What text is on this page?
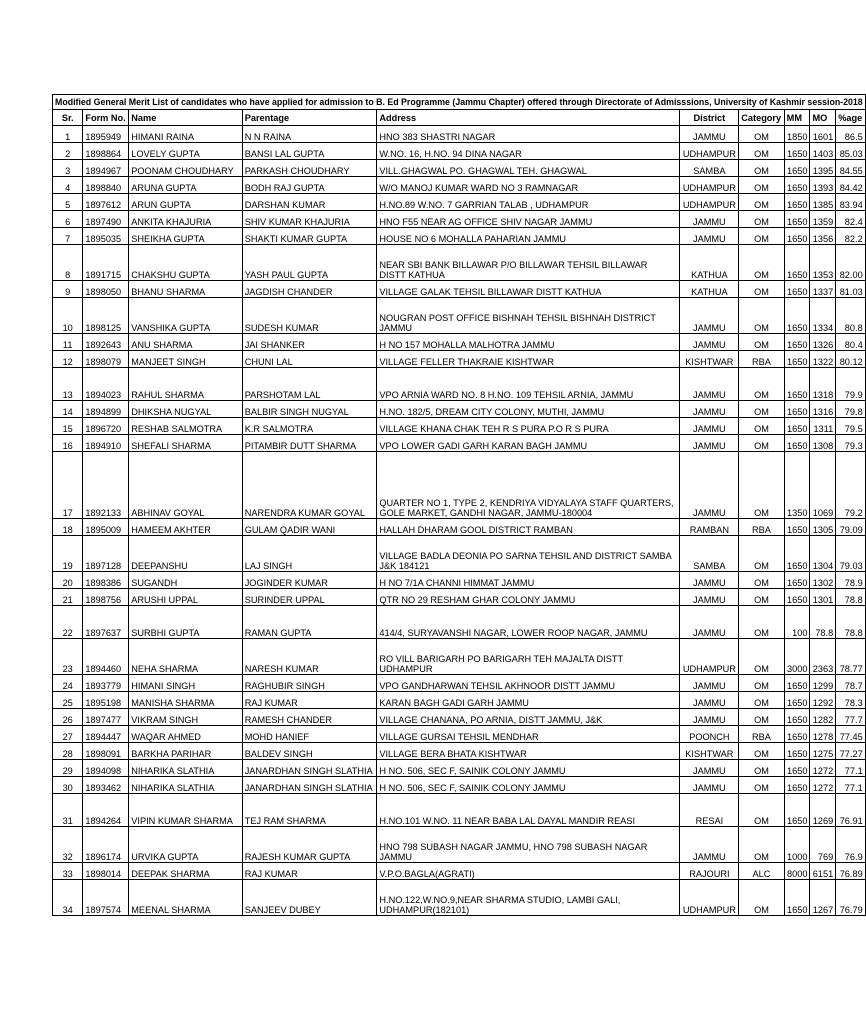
Modified General Merit List of candidates who have applied for admission to B. Ed Programme (Jammu Chapter) offered through Directorate of Admisssions, University of Kashmir session-2018									
Sr.	Form No.	Name	Parentage	Address	District	Category	MM	MO	%age
1	1895949	HIMANI RAINA	N N RAINA	HNO 383 SHASTRI NAGAR	JAMMU	OM	1850	1601	86.5
2	1898864	LOVELY GUPTA	BANSI LAL GUPTA	W.NO. 16, H.NO. 94 DINA NAGAR	UDHAMPUR	OM	1650	1403	85.03
3	1894967	POONAM CHOUDHARY	PARKASH CHOUDHARY	VILL.GHAGWAL PO. GHAGWAL TEH. GHAGWAL	SAMBA	OM	1650	1395	84.55
4	1898840	ARUNA GUPTA	BODH RAJ GUPTA	W/O MANOJ KUMAR WARD NO 3 RAMNAGAR	UDHAMPUR	OM	1650	1393	84.42
5	1897612	ARUN GUPTA	DARSHAN KUMAR	H.NO.89 W.NO. 7 GARRIAN TALAB , UDHAMPUR	UDHAMPUR	OM	1650	1385	83.94
6	1897490	ANKITA KHAJURIA	SHIV KUMAR KHAJURIA	HNO F55 NEAR AG OFFICE SHIV NAGAR JAMMU	JAMMU	OM	1650	1359	82.4
7	1895035	SHEIKHA GUPTA	SHAKTI KUMAR GUPTA	HOUSE NO 6 MOHALLA PAHARIAN JAMMU	JAMMU	OM	1650	1356	82.2
8	1891715	CHAKSHU GUPTA	YASH PAUL GUPTA	NEAR SBI BANK BILLAWAR P/O BILLAWAR TEHSIL BILLAWAR
DISTT KATHUA	KATHUA	OM	1650	1353	82.00
9	1898050	BHANU SHARMA	JAGDISH CHANDER	VILLAGE GALAK TEHSIL BILLAWAR DISTT KATHUA	KATHUA	OM	1650	1337	81.03
10	1898125	VANSHIKA GUPTA	SUDESH KUMAR	NOUGRAN POST OFFICE BISHNAH TEHSIL BISHNAH DISTRICT
JAMMU	JAMMU	OM	1650	1334	80.8
11	1892643	ANU SHARMA	JAI SHANKER	H NO 157 MOHALLA MALHOTRA JAMMU	JAMMU	OM	1650	1326	80.4
12	1898079	MANJEET SINGH	CHUNI LAL	VILLAGE FELLER THAKRAIE KISHTWAR	KISHTWAR	RBA	1650	1322	80.12
13	1894023	RAHUL SHARMA	PARSHOTAM LAL	VPO ARNIA WARD NO. 8 H.NO. 109 TEHSIL ARNIA, JAMMU	JAMMU	OM	1650	1318	79.9
14	1894899	DHIKSHA NUGYAL	BALBIR SINGH NUGYAL	H.NO. 182/5, DREAM CITY COLONY, MUTHI, JAMMU	JAMMU	OM	1650	1316	79.8
15	1896720	RESHAB SALMOTRA	K.R SALMOTRA	VILLAGE KHANA CHAK TEH R S PURA P.O R S PURA	JAMMU	OM	1650	1311	79.5
16	1894910	SHEFALI SHARMA	PITAMBIR DUTT SHARMA	VPO LOWER GADI GARH KARAN BAGH JAMMU	JAMMU	OM	1650	1308	79.3
17	1892133	ABHINAV GOYAL	NARENDRA KUMAR GOYAL	QUARTER NO 1, TYPE 2, KENDRIYA VIDYALAYA STAFF QUARTERS,
GOLE MARKET, GANDHI NAGAR, JAMMU-180004	JAMMU	OM	1350	1069	79.2
18	1895009	HAMEEM AKHTER	GULAM QADIR WANI	HALLAH DHARAM GOOL DISTRICT RAMBAN	RAMBAN	RBA	1650	1305	79.09
19	1897128	DEEPANSHU	LAJ SINGH	VILLAGE BADLA DEONIA PO SARNA TEHSIL AND DISTRICT SAMBA
J&K 184121	SAMBA	OM	1650	1304	79.03
20	1898386	SUGANDH	JOGINDER KUMAR	H NO 7/1A CHANNI HIMMAT JAMMU	JAMMU	OM	1650	1302	78.9
21	1898756	ARUSHI UPPAL	SURINDER UPPAL	QTR NO 29 RESHAM GHAR COLONY JAMMU	JAMMU	OM	1650	1301	78.8
22	1897637	SURBHI GUPTA	RAMAN GUPTA	414/4, SURYAVANSHI NAGAR, LOWER ROOP NAGAR, JAMMU	JAMMU	OM	100	78.8	78.8
23	1894460	NEHA SHARMA	NARESH KUMAR	RO VILL BARIGARH PO BARIGARH TEH MAJALTA DISTT
UDHAMPUR	UDHAMPUR	OM	3000	2363	78.77
24	1893779	HIMANI SINGH	RAGHUBIR SINGH	VPO GANDHARWAN TEHSIL AKHNOOR DISTT JAMMU	JAMMU	OM	1650	1299	78.7
25	1895198	MANISHA SHARMA	RAJ KUMAR	KARAN BAGH GADI GARH JAMMU	JAMMU	OM	1650	1292	78.3
26	1897477	VIKRAM SINGH	RAMESH CHANDER	VILLAGE CHANANA, PO ARNIA, DISTT JAMMU, J&K	JAMMU	OM	1650	1282	77.7
27	1894447	WAQAR AHMED	MOHD HANIEF	VILLAGE GURSAI TEHSIL MENDHAR	POONCH	RBA	1650	1278	77.45
28	1898091	BARKHA PARIHAR	BALDEV SINGH	VILLAGE BERA BHATA KISHTWAR	KISHTWAR	OM	1650	1275	77.27
29	1894098	NIHARIKA SLATHIA	JANARDHAN SINGH SLATHIA	H NO. 506, SEC F, SAINIK COLONY JAMMU	JAMMU	OM	1650	1272	77.1
30	1893462	NIHARIKA SLATHIA	JANARDHAN SINGH SLATHIA	H NO. 506, SEC F, SAINIK COLONY JAMMU	JAMMU	OM	1650	1272	77.1
31	1894264	VIPIN KUMAR SHARMA	TEJ RAM SHARMA	H.NO.101 W.NO. 11 NEAR BABA LAL DAYAL MANDIR REASI	RESAI	OM	1650	1269	76.91
32	1896174	URVIKA GUPTA	RAJESH KUMAR GUPTA	HNO 798 SUBASH NAGAR JAMMU, HNO 798 SUBASH NAGAR
JAMMU	JAMMU	OM	1000	769	76.9
33	1898014	DEEPAK SHARMA	RAJ KUMAR	V.P.O.BAGLA(AGRATI)	RAJOURI	ALC	8000	6151	76.89
34	1897574	MEENAL SHARMA	SANJEEV DUBEY	H.NO.122,W.NO.9,NEAR SHARMA STUDIO, LAMBI GALI,
UDHAMPUR(182101)	UDHAMPUR	OM	1650	1267	76.79
